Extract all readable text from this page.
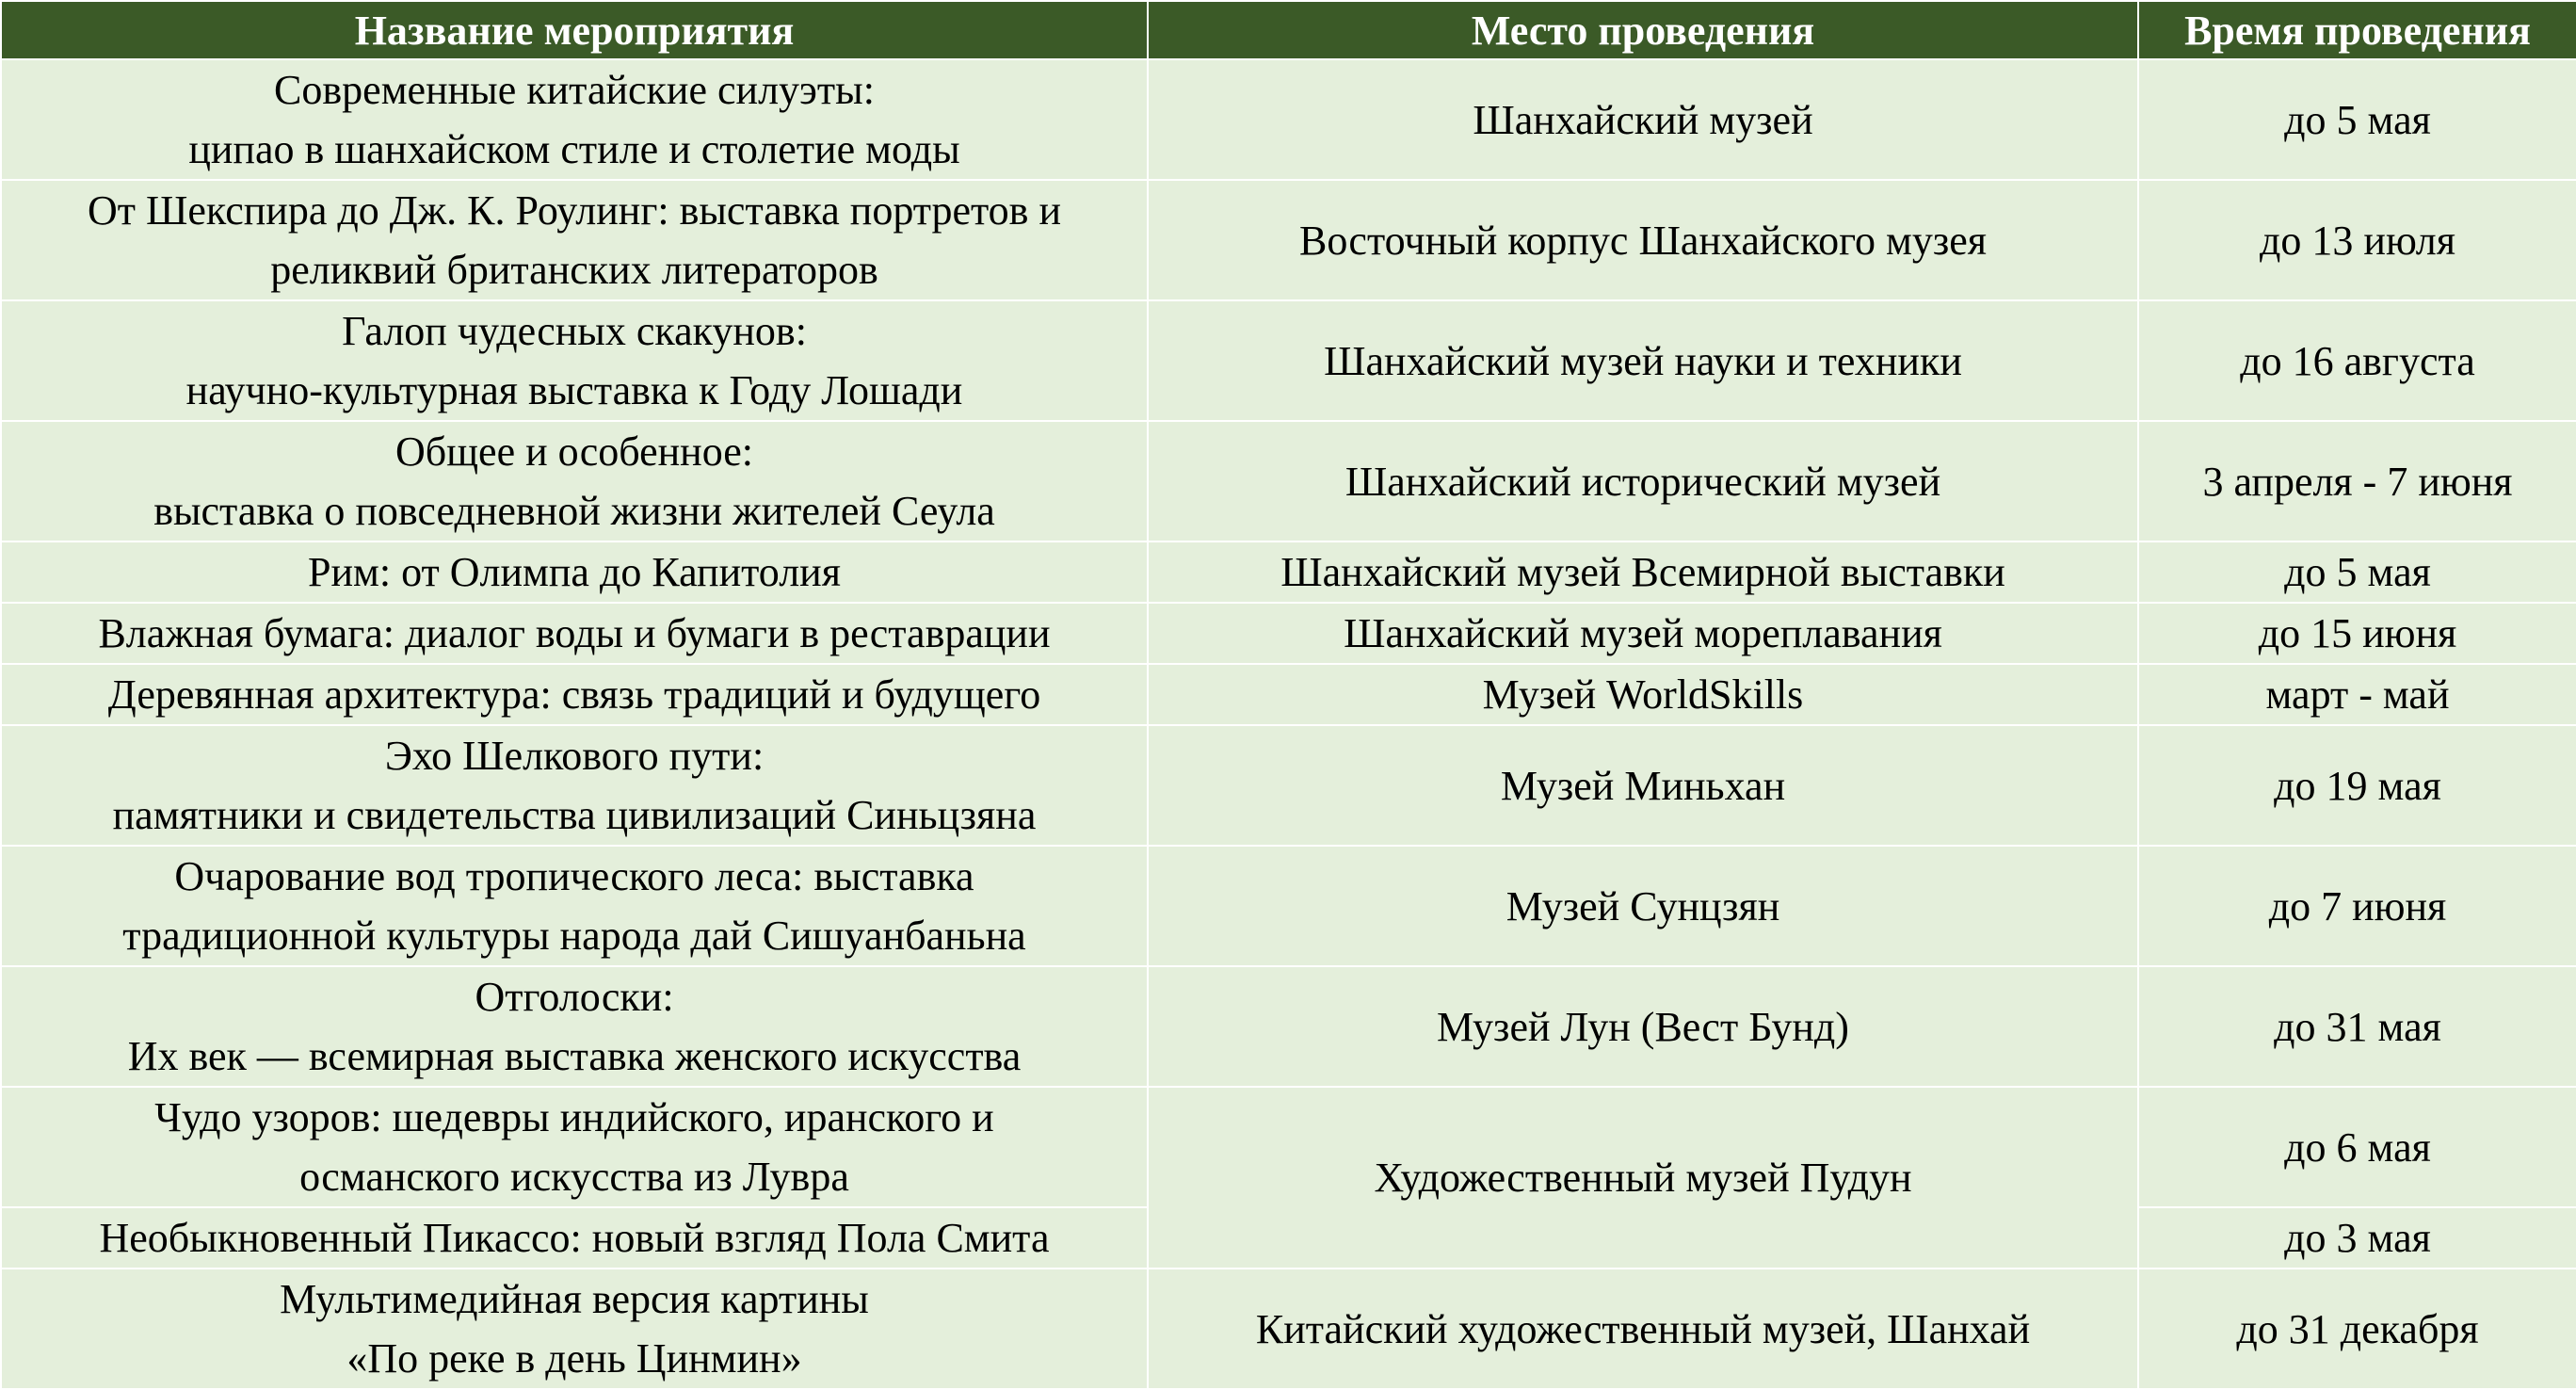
Название мероприятия	Место проведения	Время проведения
Современные китайские силуэты:
ципао в шанхайском стиле и столетие моды	Шанхайский музей	до 5 мая
От Шекспира до Дж. К. Роулинг: выставка портретов и
реликвий британских литераторов	Восточный корпус Шанхайского музея	до 13 июля
Галоп чудесных скакунов:
научно-культурная выставка к Году Лошади	Шанхайский музей науки и техники	до 16 августа
Общее и особенное:
выставка о повседневной жизни жителей Сеула	Шанхайский исторический музей	3 апреля - 7 июня
Рим: от Олимпа до Капитолия	Шанхайский музей Всемирной выставки	до 5 мая
Влажная бумага: диалог воды и бумаги в реставрации	Шанхайский музей мореплавания	до 15 июня
Деревянная архитектура: связь традиций и будущего	Музей WorldSkills	март - май
Эхо Шелкового пути:
памятники и свидетельства цивилизаций Синьцзяна	Музей Миньхан	до 19 мая
Очарование вод тропического леса: выставка
традиционной культуры народа дай Сишуанбаньна	Музей Сунцзян	до 7 июня
Отголоски:
Их век — всемирная выставка женского искусства	Музей Лун (Вест Бунд)	до 31 мая
Чудо узоров: шедевры индийского, иранского и
османского искусства из Лувра	Художественный музей Пудун	до 6 мая
Необыкновенный Пикассо: новый взгляд Пола Смита		до 3 мая
Мультимедийная версия картины
«По реке в день Цинмин»	Китайский художественный музей, Шанхай	до 31 декабря
